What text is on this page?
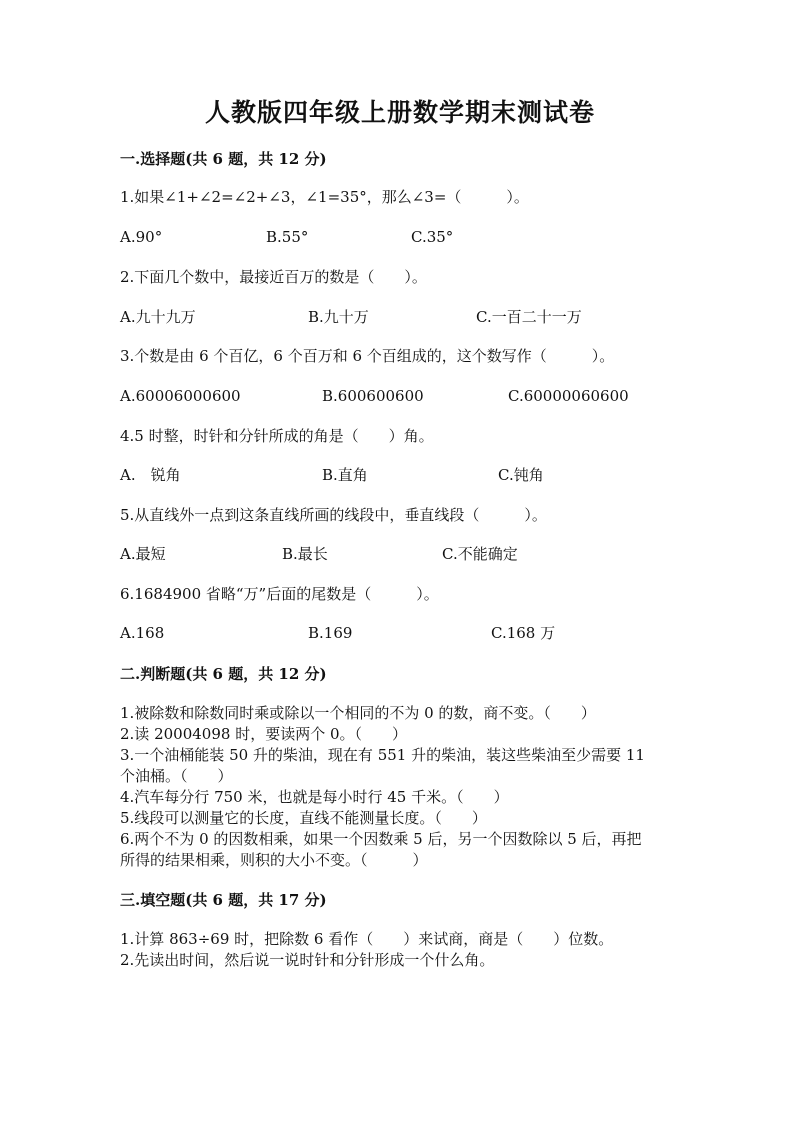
人教版四年级上册数学期末测试卷
一.选择题(共 6 题，共 12 分)
1.如果∠1+∠2=∠2+∠3，∠1=35°，那么∠3=（　　　）。
A.90°	B.55°	C.35°
2.下面几个数中，最接近百万的数是（　　）。
A.九十九万	B.九十万	C.一百二十一万
3.个数是由 6 个百亿，6 个百万和 6 个百组成的，这个数写作（　　　）。
A.60006000600	B.600600600	C.60000060600
4.5 时整，时针和分针所成的角是（　　）角。
A.　锐角	B.直角	C.钝角
5.从直线外一点到这条直线所画的线段中，垂直线段（　　　）。
A.最短	B.最长	C.不能确定
6.1684900 省略“万”后面的尾数是（　　　）。
A.168	B.169	C.168 万
二.判断题(共 6 题，共 12 分)
1.被除数和除数同时乘或除以一个相同的不为 0 的数，商不变。（　　）
2.读 20004098 时，要读两个 0。（　　）
3.一个油桶能装 50 升的柴油，现在有 551 升的柴油，装这些柴油至少需要 11
个油桶。（　　）
4.汽车每分行 750 米，也就是每小时行 45 千米。（　　）
5.线段可以测量它的长度，直线不能测量长度。（　　）
6.两个不为 0 的因数相乘，如果一个因数乘 5 后，另一个因数除以 5 后，再把
所得的结果相乘，则积的大小不变。（　　　）
三.填空题(共 6 题，共 17 分)
1.计算 863÷69 时，把除数 6 看作（　　）来试商，商是（　　）位数。
2.先读出时间，然后说一说时针和分针形成一个什么角。
